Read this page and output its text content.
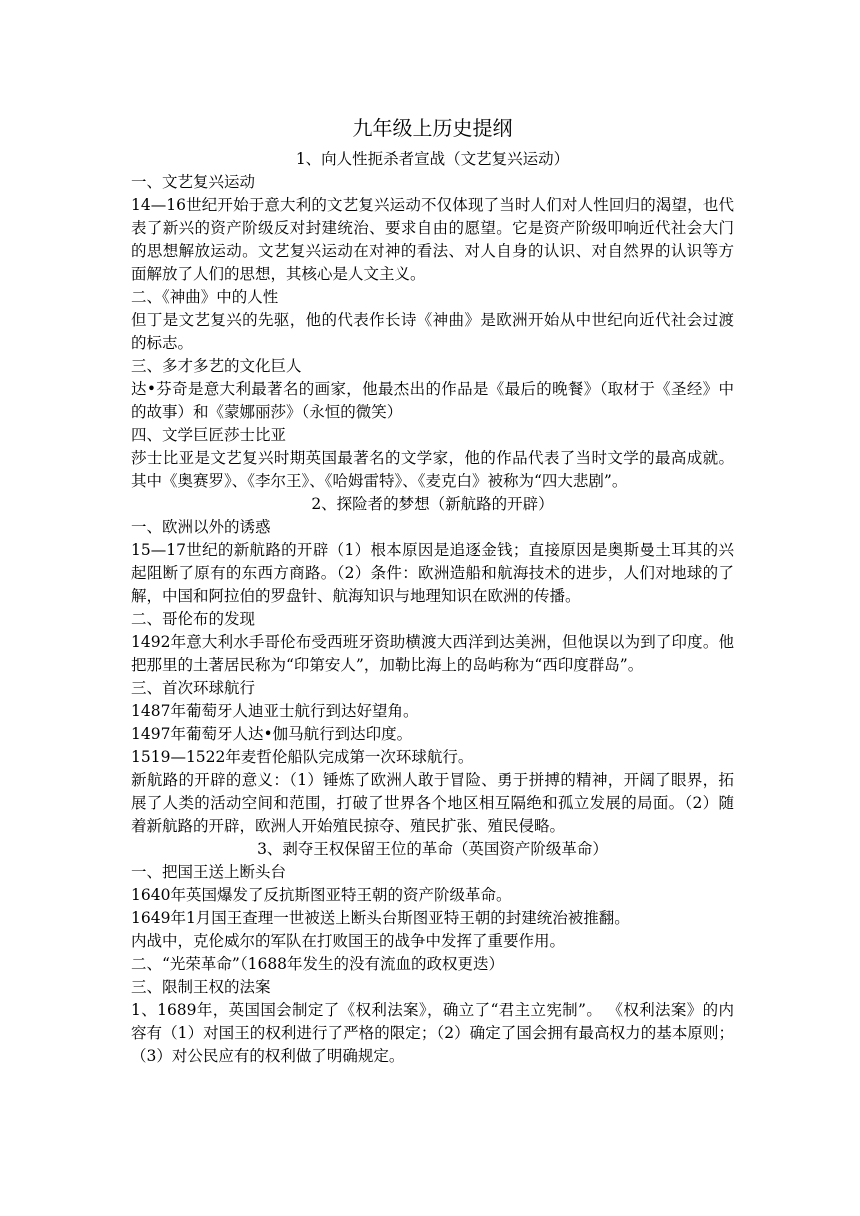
九年级上历史提纲
1、向人性扼杀者宣战（文艺复兴运动）

一、文艺复兴运动

14—16世纪开始于意大利的文艺复兴运动不仅体现了当时人们对人性回归的渴望，也代表了新兴的资产阶级反对封建统治、要求自由的愿望。它是资产阶级叩响近代社会大门的思想解放运动。文艺复兴运动在对神的看法、对人自身的认识、对自然界的认识等方面解放了人们的思想，其核心是人文主义。

二、《神曲》中的人性

但丁是文艺复兴的先驱，他的代表作长诗《神曲》是欧洲开始从中世纪向近代社会过渡的标志。

三、多才多艺的文化巨人

达•芬奇是意大利最著名的画家，他最杰出的作品是《最后的晚餐》（取材于《圣经》中的故事）和《蒙娜丽莎》（永恒的微笑）

四、文学巨匠莎士比亚

莎士比亚是文艺复兴时期英国最著名的文学家，他的作品代表了当时文学的最高成就。其中《奥赛罗》、《李尔王》、《哈姆雷特》、《麦克白》被称为“四大悲剧”。

2、探险者的梦想（新航路的开辟）

一、欧洲以外的诱惑

15—17世纪的新航路的开辟（1）根本原因是追逐金钱；直接原因是奥斯曼土耳其的兴起阻断了原有的东西方商路。（2）条件：欧洲造船和航海技术的进步，人们对地球的了解，中国和阿拉伯的罗盘针、航海知识与地理知识在欧洲的传播。

二、哥伦布的发现

1492年意大利水手哥伦布受西班牙资助横渡大西洋到达美洲，但他误以为到了印度。他把那里的土著居民称为“印第安人”，加勒比海上的岛屿称为“西印度群岛”。

三、首次环球航行

1487年葡萄牙人迪亚士航行到达好望角。

1497年葡萄牙人达•伽马航行到达印度。

1519—1522年麦哲伦船队完成第一次环球航行。

新航路的开辟的意义：（1）锤炼了欧洲人敢于冒险、勇于拼搏的精神，开阔了眼界，拓展了人类的活动空间和范围，打破了世界各个地区相互隔绝和孤立发展的局面。（2）随着新航路的开辟，欧洲人开始殖民掠夺、殖民扩张、殖民侵略。

3、剥夺王权保留王位的革命（英国资产阶级革命）

一、把国王送上断头台

1640年英国爆发了反抗斯图亚特王朝的资产阶级革命。

1649年1月国王查理一世被送上断头台斯图亚特王朝的封建统治被推翻。

内战中，克伦威尔的军队在打败国王的战争中发挥了重要作用。

二、“光荣革命”（1688年发生的没有流血的政权更迭）

三、限制王权的法案

1、1689年，英国国会制定了《权利法案》，确立了“君主立宪制”。 《权利法案》的内容有（1）对国王的权利进行了严格的限定；（2）确定了国会拥有最高权力的基本原则；（3）对公民应有的权利做了明确规定。
